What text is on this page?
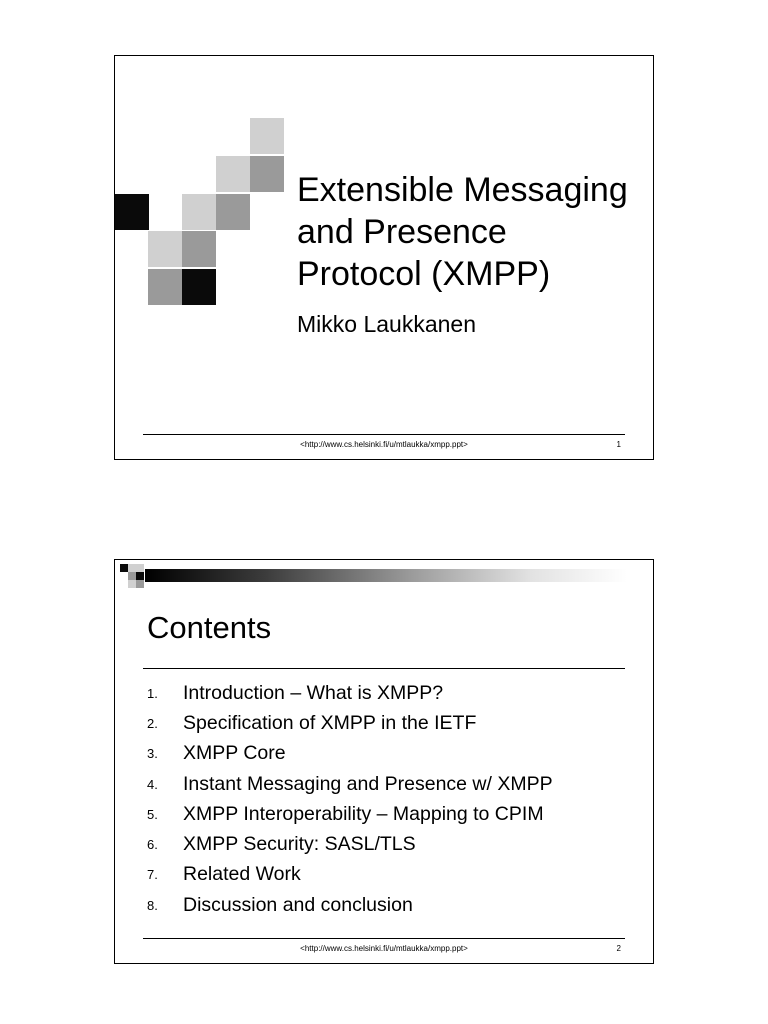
Extensible Messaging
and Presence
Protocol (XMPP)
Mikko Laukkanen
<http://www.cs.helsinki.fi/u/mtlaukka/xmpp.ppt>	1
Contents
1.	Introduction – What is XMPP?
2.	Specification of XMPP in the IETF
3.	XMPP Core
4.	Instant Messaging and Presence w/ XMPP
5.	XMPP Interoperability – Mapping to CPIM
6.	XMPP Security: SASL/TLS
7.	Related Work
8.	Discussion and conclusion
<http://www.cs.helsinki.fi/u/mtlaukka/xmpp.ppt>	2
